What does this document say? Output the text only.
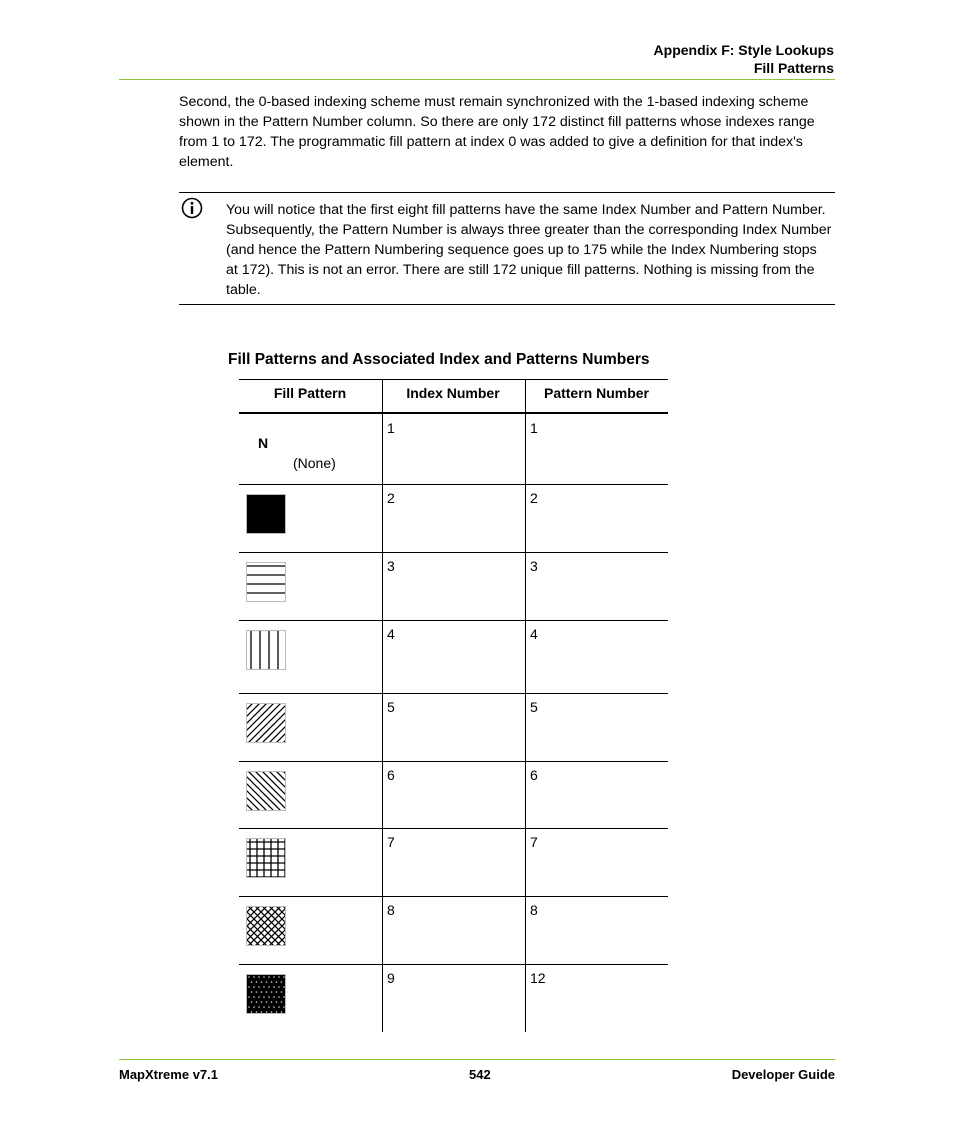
Appendix F: Style Lookups
Fill Patterns
Second, the 0-based indexing scheme must remain synchronized with the 1-based indexing scheme shown in the Pattern Number column. So there are only 172 distinct fill patterns whose indexes range from 1 to 172. The programmatic fill pattern at index 0 was added to give a definition for that index's element.
You will notice that the first eight fill patterns have the same Index Number and Pattern Number. Subsequently, the Pattern Number is always three greater than the corresponding Index Number (and hence the Pattern Numbering sequence goes up to 175 while the Index Numbering stops at 172). This is not an error. There are still 172 unique fill patterns. Nothing is missing from the table.
Fill Patterns and Associated Index and Patterns Numbers
Fill Pattern	Index Number	Pattern Number
N
(None)
1	1
2	2
3	3
4	4
5	5
6	6
7	7
8	8
9	12
MapXtreme v7.1	542	Developer Guide
